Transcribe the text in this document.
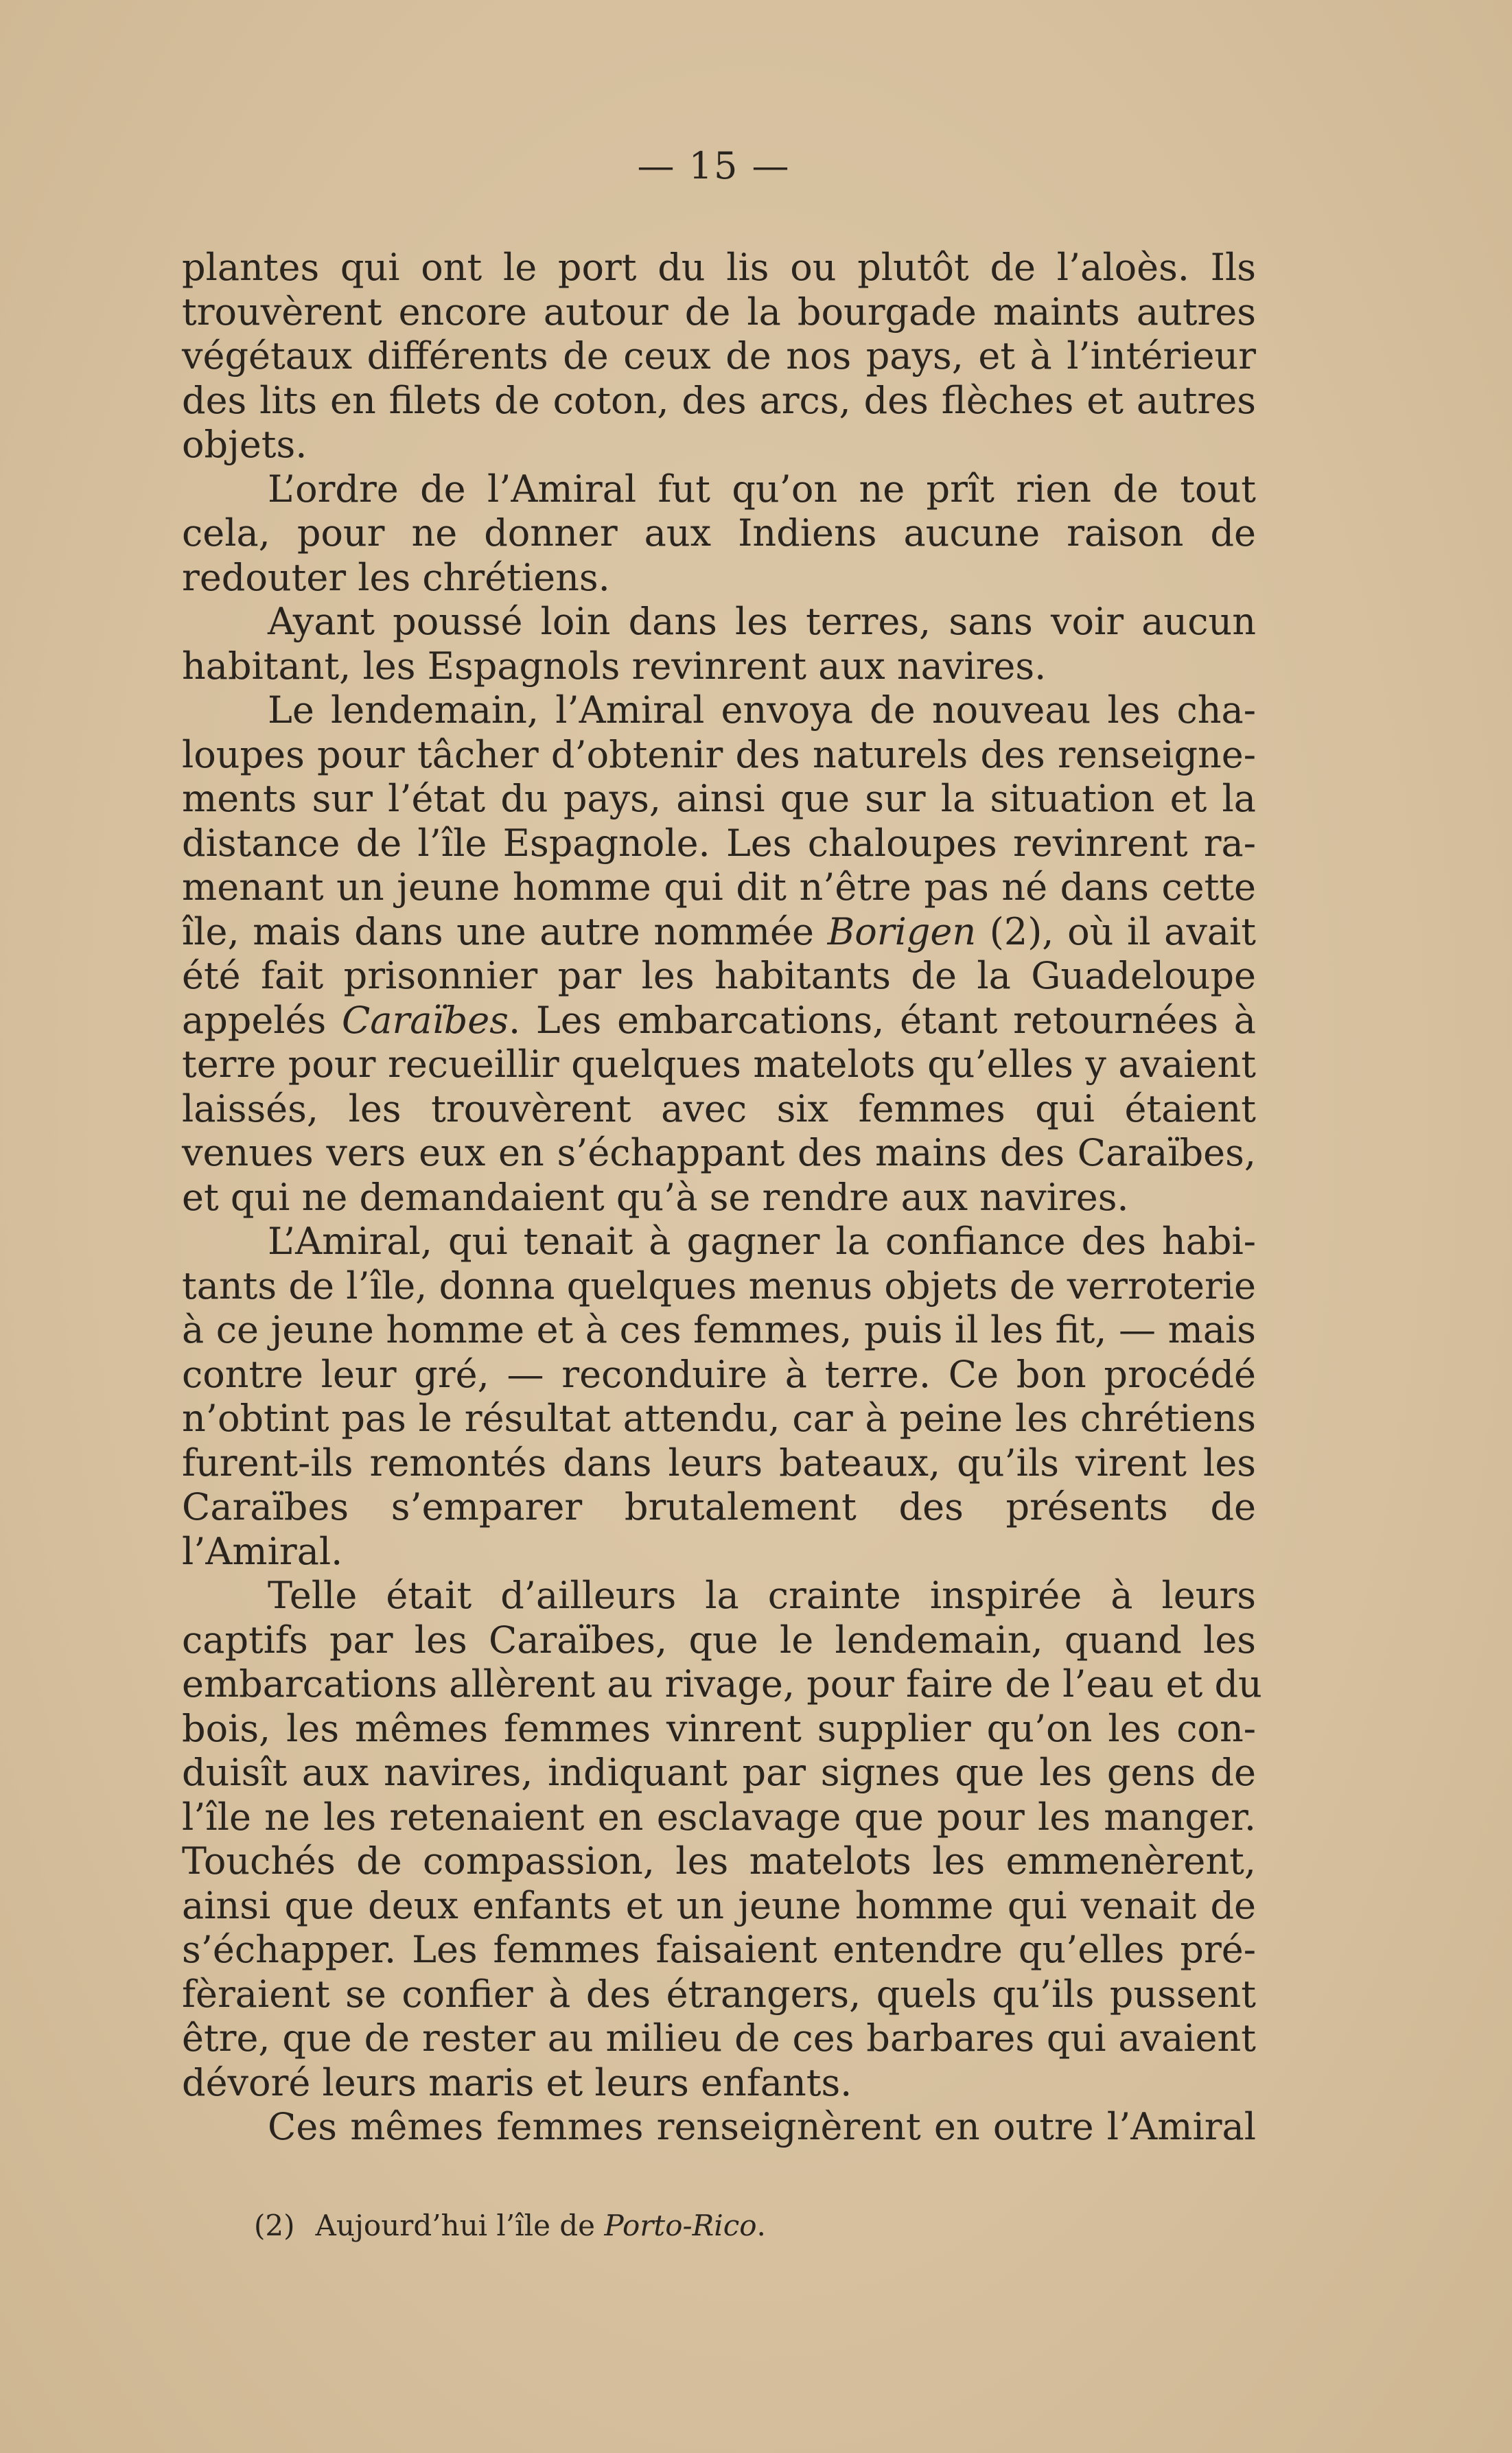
— 15 —
plantes qui ont le port du lis ou plutôt de l’aloès. Ils
trouvèrent encore autour de la bourgade maints autres
végétaux différents de ceux de nos pays, et à l’intérieur
des lits en filets de coton, des arcs, des flèches et autres
objets.
L’ordre de l’Amiral fut qu’on ne prît rien de tout
cela, pour ne donner aux Indiens aucune raison de
redouter les chrétiens.
Ayant poussé loin dans les terres, sans voir aucun
habitant, les Espagnols revinrent aux navires.
Le lendemain, l’Amiral envoya de nouveau les cha-
loupes pour tâcher d’obtenir des naturels des renseigne-
ments sur l’état du pays, ainsi que sur la situation et la
distance de l’île Espagnole. Les chaloupes revinrent ra-
menant un jeune homme qui dit n’être pas né dans cette
île, mais dans une autre nommée Borigen (2), où il avait
été fait prisonnier par les habitants de la Guadeloupe
appelés Caraïbes. Les embarcations, étant retournées à
terre pour recueillir quelques matelots qu’elles y avaient
laissés, les trouvèrent avec six femmes qui étaient
venues vers eux en s’échappant des mains des Caraïbes,
et qui ne demandaient qu’à se rendre aux navires.
L’Amiral, qui tenait à gagner la confiance des habi-
tants de l’île, donna quelques menus objets de verroterie
à ce jeune homme et à ces femmes, puis il les fit, — mais
contre leur gré, — reconduire à terre. Ce bon procédé
n’obtint pas le résultat attendu, car à peine les chrétiens
furent-ils remontés dans leurs bateaux, qu’ils virent les
Caraïbes s’emparer brutalement des présents de
l’Amiral.
Telle était d’ailleurs la crainte inspirée à leurs
captifs par les Caraïbes, que le lendemain, quand les
embarcations allèrent au rivage, pour faire de l’eau et du
bois, les mêmes femmes vinrent supplier qu’on les con-
duisît aux navires, indiquant par signes que les gens de
l’île ne les retenaient en esclavage que pour les manger.
Touchés de compassion, les matelots les emmenèrent,
ainsi que deux enfants et un jeune homme qui venait de
s’échapper. Les femmes faisaient entendre qu’elles pré-
fèraient se confier à des étrangers, quels qu’ils pussent
être, que de rester au milieu de ces barbares qui avaient
dévoré leurs maris et leurs enfants.
Ces mêmes femmes renseignèrent en outre l’Amiral
(2) Aujourd’hui l’île de Porto-Rico.
